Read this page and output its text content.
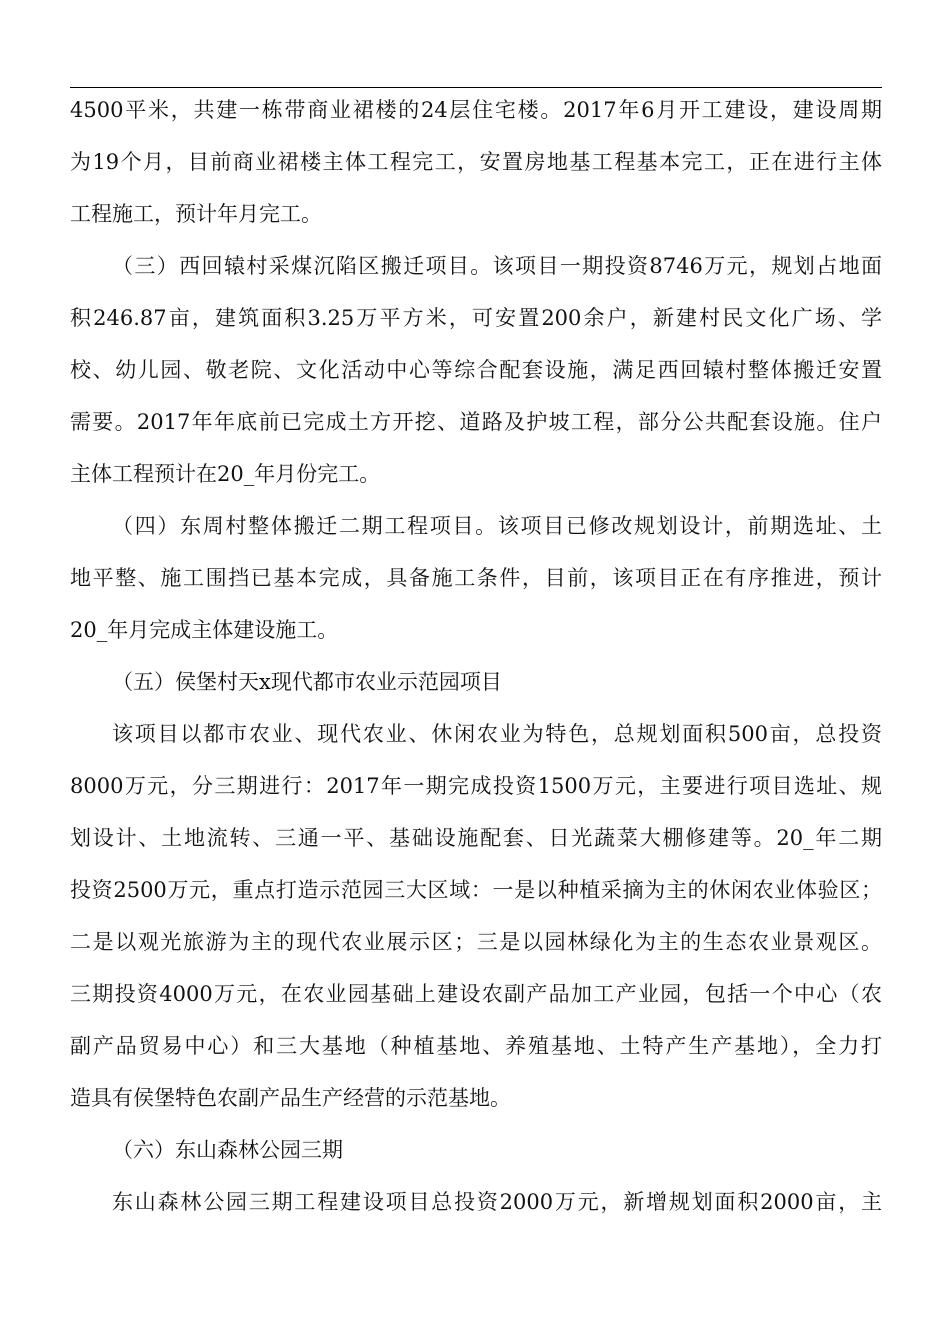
4500平米，共建一栋带商业裙楼的24层住宅楼。2017年6月开工建设，建设周期
为19个月，目前商业裙楼主体工程完工，安置房地基工程基本完工，正在进行主体
工程施工，预计年月完工。
（三）西回辕村采煤沉陷区搬迁项目。该项目一期投资8746万元，规划占地面
积246.87亩，建筑面积3.25万平方米，可安置200余户，新建村民文化广场、学
校、幼儿园、敬老院、文化活动中心等综合配套设施，满足西回辕村整体搬迁安置
需要。2017年年底前已完成土方开挖、道路及护坡工程，部分公共配套设施。住户
主体工程预计在20_年月份完工。
（四）东周村整体搬迁二期工程项目。该项目已修改规划设计，前期选址、土
地平整、施工围挡已基本完成，具备施工条件，目前，该项目正在有序推进，预计
20_年月完成主体建设施工。
（五）侯堡村天x现代都市农业示范园项目
该项目以都市农业、现代农业、休闲农业为特色，总规划面积500亩，总投资
8000万元，分三期进行：2017年一期完成投资1500万元，主要进行项目选址、规
划设计、土地流转、三通一平、基础设施配套、日光蔬菜大棚修建等。20_年二期
投资2500万元，重点打造示范园三大区域：一是以种植采摘为主的休闲农业体验区；
二是以观光旅游为主的现代农业展示区；三是以园林绿化为主的生态农业景观区。
三期投资4000万元，在农业园基础上建设农副产品加工产业园，包括一个中心（农
副产品贸易中心）和三大基地（种植基地、养殖基地、土特产生产基地），全力打
造具有侯堡特色农副产品生产经营的示范基地。
（六）东山森林公园三期
东山森林公园三期工程建设项目总投资2000万元，新增规划面积2000亩，主
